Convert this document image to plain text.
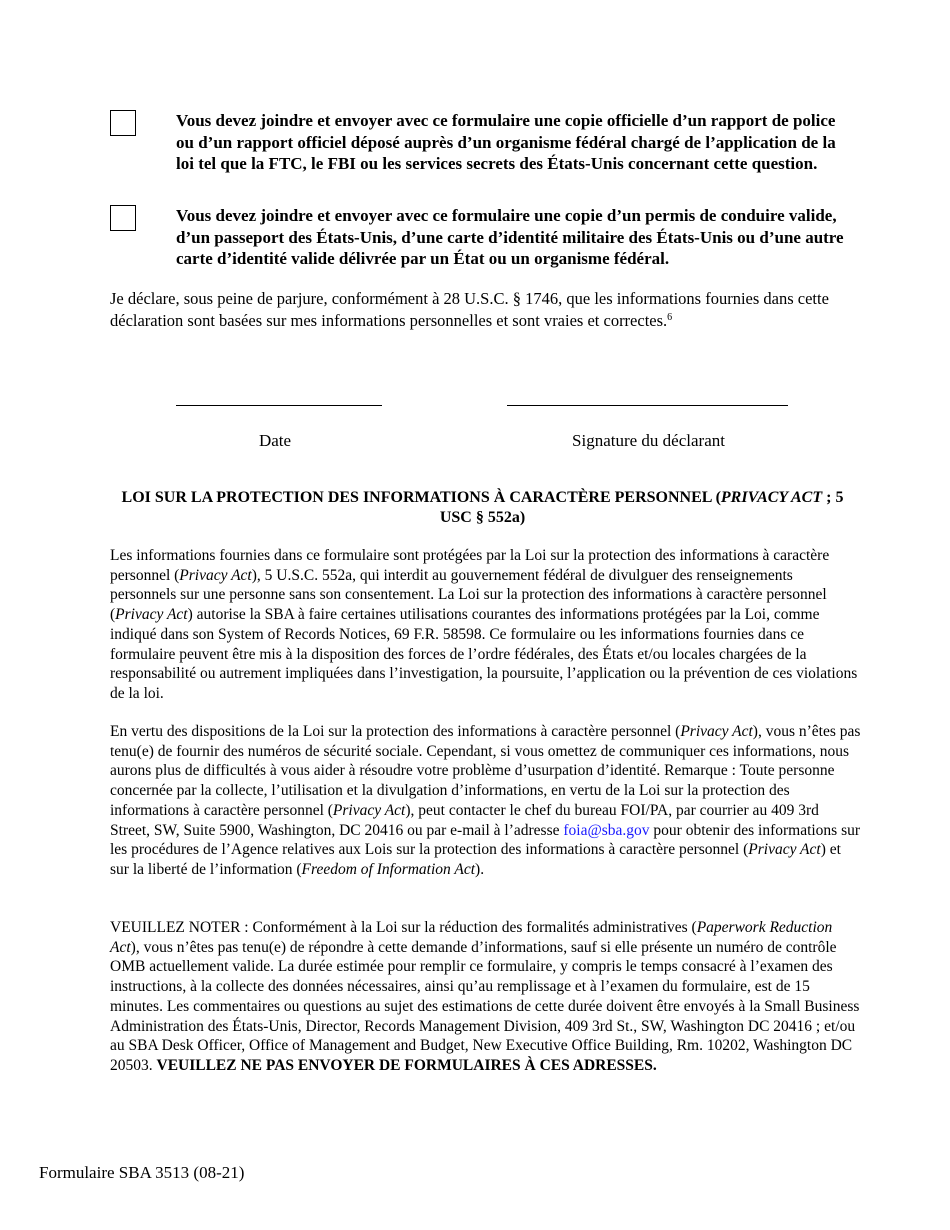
Vous devez joindre et envoyer avec ce formulaire une copie officielle d’un rapport de police ou d’un rapport officiel déposé auprès d’un organisme fédéral chargé de l’application de la loi tel que la FTC, le FBI ou les services secrets des États-Unis concernant cette question.
Vous devez joindre et envoyer avec ce formulaire une copie d’un permis de conduire valide, d’un passeport des États-Unis, d’une carte d’identité militaire des États-Unis ou d’une autre carte d’identité valide délivrée par un État ou un organisme fédéral.
Je déclare, sous peine de parjure, conformément à 28 U.S.C. § 1746, que les informations fournies dans cette déclaration sont basées sur mes informations personnelles et sont vraies et correctes.$^6$
Date	Signature du déclarant
LOI SUR LA PROTECTION DES INFORMATIONS À CARACTÈRE PERSONNEL (PRIVACY ACT ; 5 USC § 552a)

Les informations fournies dans ce formulaire sont protégées par la Loi sur la protection des informations à caractère personnel (Privacy Act), 5 U.S.C. 552a, qui interdit au gouvernement fédéral de divulguer des renseignements personnels sur une personne sans son consentement. La Loi sur la protection des informations à caractère personnel (Privacy Act) autorise la SBA à faire certaines utilisations courantes des informations protégées par la Loi, comme indiqué dans son System of Records Notices, 69 F.R. 58598. Ce formulaire ou les informations fournies dans ce formulaire peuvent être mis à la disposition des forces de l’ordre fédérales, des États et/ou locales chargées de la responsabilité ou autrement impliquées dans l’investigation, la poursuite, l’application ou la prévention de ces violations de la loi.

En vertu des dispositions de la Loi sur la protection des informations à caractère personnel (Privacy Act), vous n’êtes pas tenu(e) de fournir des numéros de sécurité sociale. Cependant, si vous omettez de communiquer ces informations, nous aurons plus de difficultés à vous aider à résoudre votre problème d’usurpation d’identité. Remarque : Toute personne concernée par la collecte, l’utilisation et la divulgation d’informations, en vertu de la Loi sur la protection des informations à caractère personnel (Privacy Act), peut contacter le chef du bureau FOI/PA, par courrier au 409 3rd Street, SW, Suite 5900, Washington, DC 20416 ou par e-mail à l’adresse foia@sba.gov pour obtenir des informations sur les procédures de l’Agence relatives aux Lois sur la protection des informations à caractère personnel (Privacy Act) et sur la liberté de l’information (Freedom of Information Act).

VEUILLEZ NOTER : Conformément à la Loi sur la réduction des formalités administratives (Paperwork Reduction Act), vous n’êtes pas tenu(e) de répondre à cette demande d’informations, sauf si elle présente un numéro de contrôle OMB actuellement valide. La durée estimée pour remplir ce formulaire, y compris le temps consacré à l’examen des instructions, à la collecte des données nécessaires, ainsi qu’au remplissage et à l’examen du formulaire, est de 15 minutes. Les commentaires ou questions au sujet des estimations de cette durée doivent être envoyés à la Small Business Administration des États-Unis, Director, Records Management Division, 409 3rd St., SW, Washington DC 20416 ; et/ou au SBA Desk Officer, Office of Management and Budget, New Executive Office Building, Rm. 10202, Washington DC 20503. VEUILLEZ NE PAS ENVOYER DE FORMULAIRES À CES ADRESSES.

Formulaire SBA 3513 (08-21)
